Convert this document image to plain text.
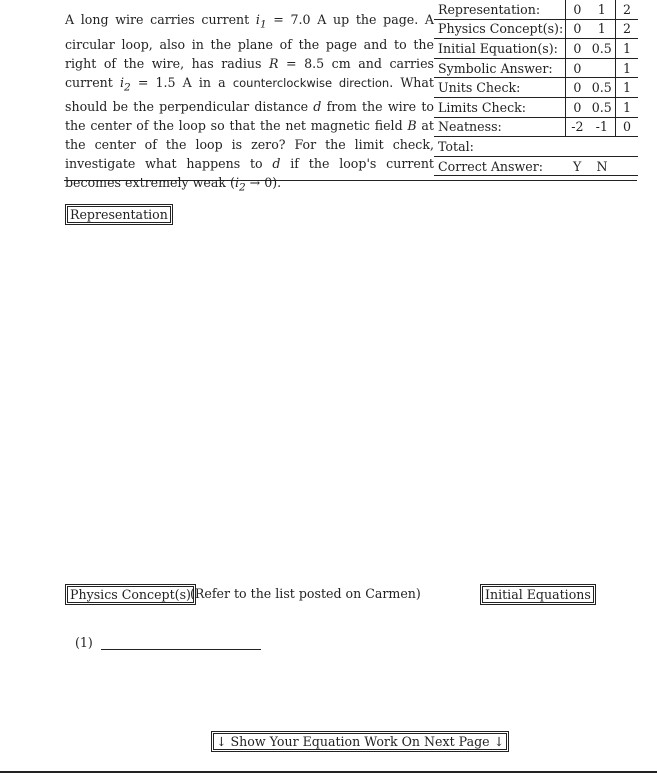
A long wire carries current $i_1 = 7.0$ A up the page. A circular loop, also in the plane of the page and to the right of the wire, has radius R = 8.5 cm and carries current $i_2 = 1.5$ A in a counterclockwise direction. What should be the perpendicular distance d from the wire to the center of the loop so that the net magnetic field B at the center of the loop is zero? For the limit check, investigate what happens to d if the loop's current becomes extremely weak $(i_2 \to 0)$.
Representation:	0	1	2
Physics Concept(s):	0	1	2
Initial Equation(s):	0	0.5	1
Symbolic Answer:	0		1
Units Check:	0	0.5	1
Limits Check:	0	0.5	1
Neatness:	-2	-1	0
Total:			
Correct Answer:	Y	N	
Representation
Physics Concept(s) (Refer to the list posted on Carmen)	Initial Equations
(1)
↓ Show Your Equation Work On Next Page ↓
